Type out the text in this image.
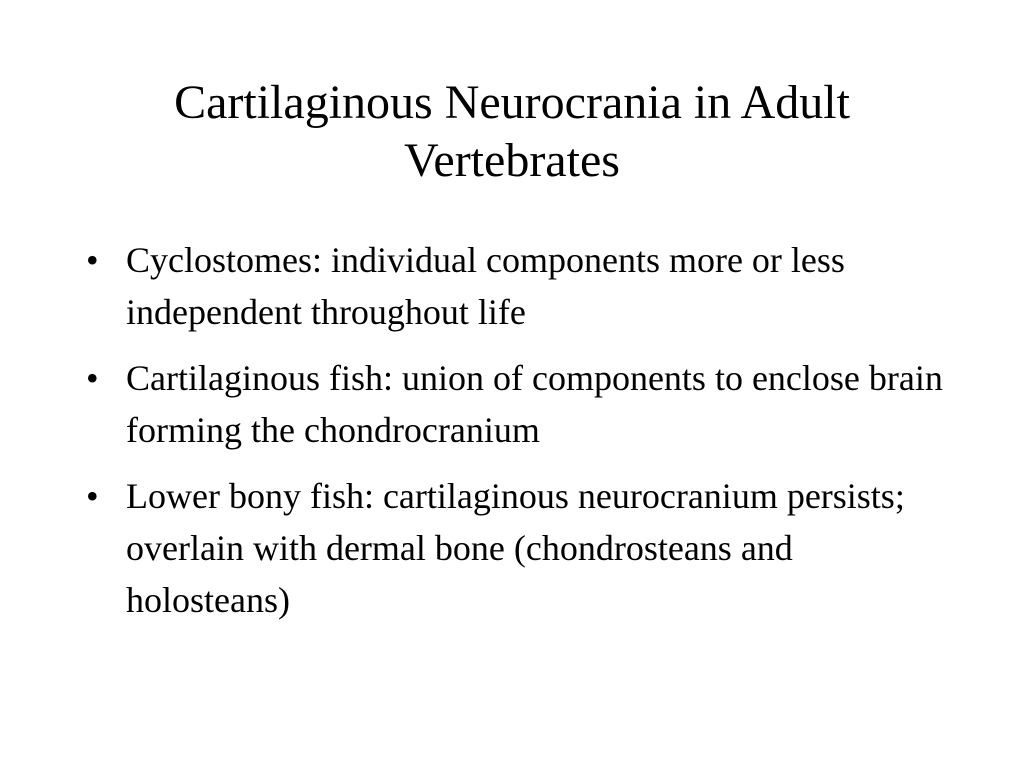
Cartilaginous Neurocrania in Adult Vertebrates
• Cyclostomes: individual components more or less independent throughout life
• Cartilaginous fish: union of components to enclose brain forming the chondrocranium
• Lower bony fish: cartilaginous neurocranium persists; overlain with dermal bone (chondrosteans and holosteans)
